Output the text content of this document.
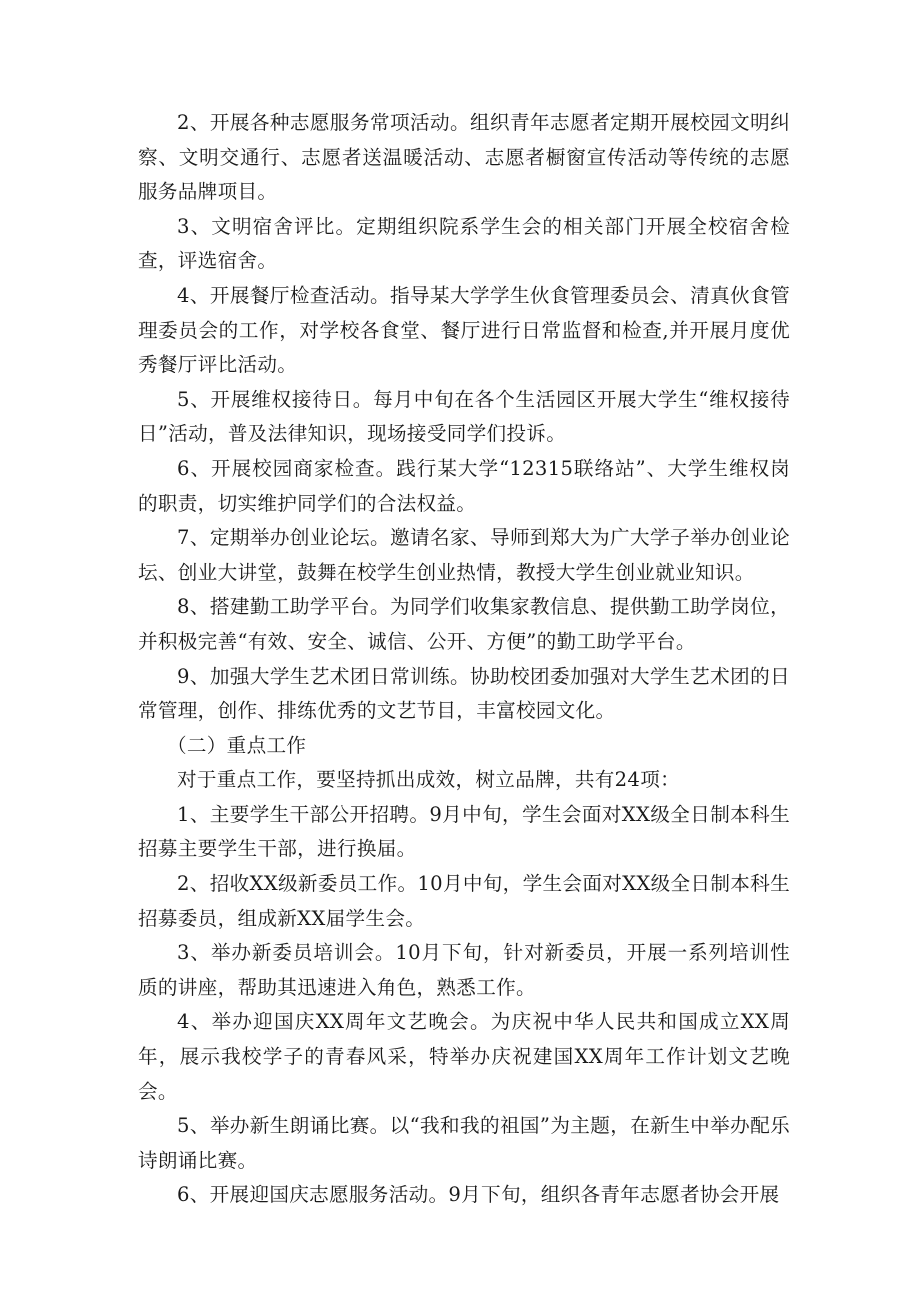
2、开展各种志愿服务常项活动。组织青年志愿者定期开展校园文明纠察、文明交通行、志愿者送温暖活动、志愿者橱窗宣传活动等传统的志愿服务品牌项目。

3、文明宿舍评比。定期组织院系学生会的相关部门开展全校宿舍检查，评选宿舍。

4、开展餐厅检查活动。指导某大学学生伙食管理委员会、清真伙食管理委员会的工作，对学校各食堂、餐厅进行日常监督和检查,并开展月度优秀餐厅评比活动。

5、开展维权接待日。每月中旬在各个生活园区开展大学生“维权接待日”活动，普及法律知识，现场接受同学们投诉。

6、开展校园商家检查。践行某大学“12315联络站”、大学生维权岗的职责，切实维护同学们的合法权益。

7、定期举办创业论坛。邀请名家、导师到郑大为广大学子举办创业论坛、创业大讲堂，鼓舞在校学生创业热情，教授大学生创业就业知识。

8、搭建勤工助学平台。为同学们收集家教信息、提供勤工助学岗位，并积极完善“有效、安全、诚信、公开、方便”的勤工助学平台。

9、加强大学生艺术团日常训练。协助校团委加强对大学生艺术团的日常管理，创作、排练优秀的文艺节目，丰富校园文化。

（二）重点工作

对于重点工作，要坚持抓出成效，树立品牌，共有24项：

1、主要学生干部公开招聘。9月中旬，学生会面对XX级全日制本科生招募主要学生干部，进行换届。

2、招收XX级新委员工作。10月中旬，学生会面对XX级全日制本科生招募委员，组成新XX届学生会。

3、举办新委员培训会。10月下旬，针对新委员，开展一系列培训性质的讲座，帮助其迅速进入角色，熟悉工作。

4、举办迎国庆XX周年文艺晚会。为庆祝中华人民共和国成立XX周年，展示我校学子的青春风采，特举办庆祝建国XX周年工作计划文艺晚会。

5、举办新生朗诵比赛。以“我和我的祖国”为主题，在新生中举办配乐诗朗诵比赛。

6、开展迎国庆志愿服务活动。9月下旬，组织各青年志愿者协会开展
